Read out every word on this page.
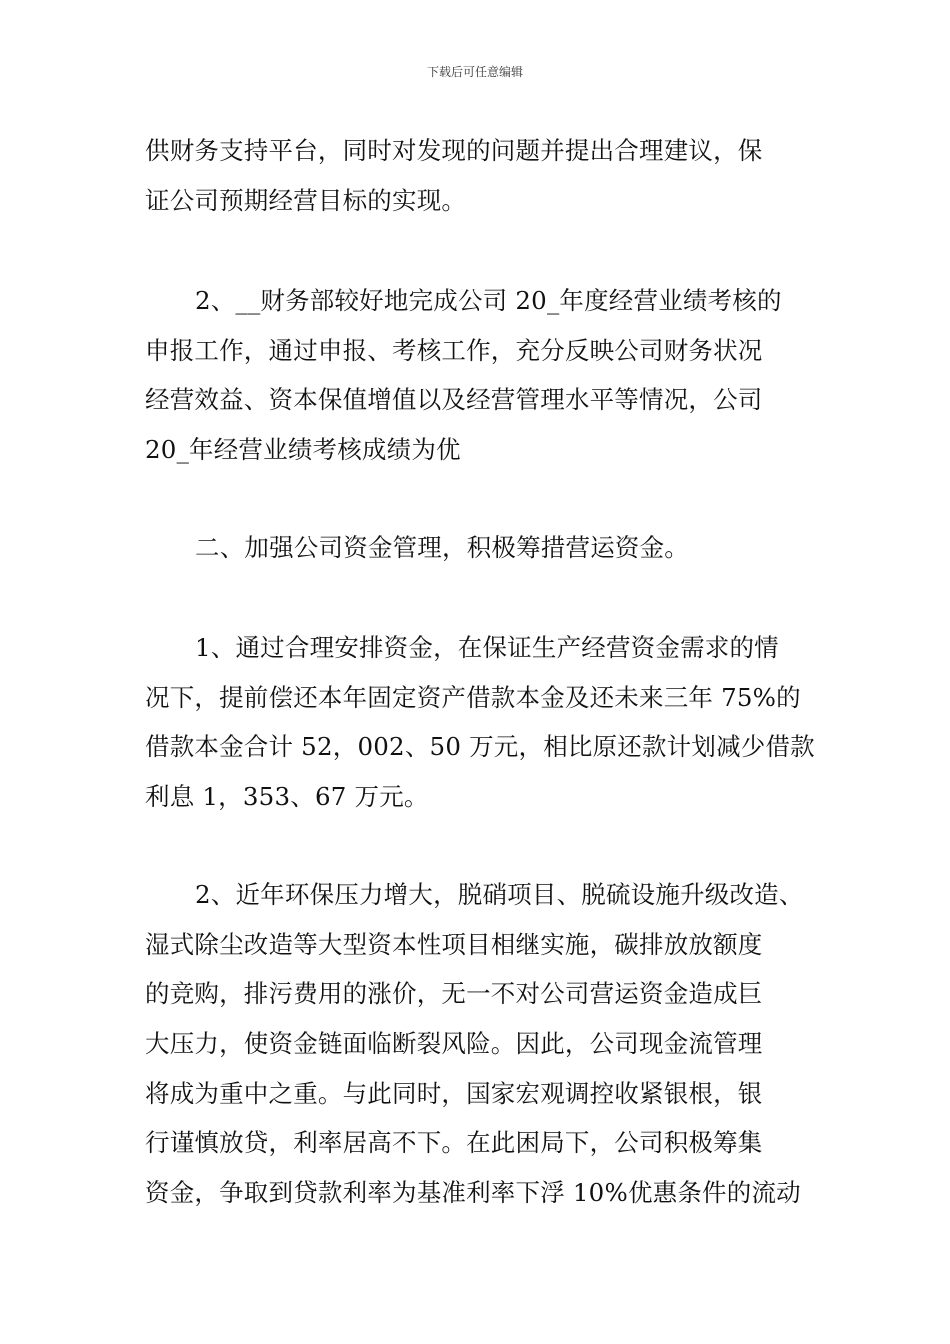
下载后可任意编辑
供财务支持平台，同时对发现的问题并提出合理建议，保
证公司预期经营目标的实现。
2、__财务部较好地完成公司 20_年度经营业绩考核的
申报工作，通过申报、考核工作，充分反映公司财务状况
经营效益、资本保值增值以及经营管理水平等情况，公司
20_年经营业绩考核成绩为优
二、加强公司资金管理，积极筹措营运资金。
1、通过合理安排资金，在保证生产经营资金需求的情
况下，提前偿还本年固定资产借款本金及还未来三年 75%的
借款本金合计 52，002、50 万元，相比原还款计划减少借款
利息 1，353、67 万元。
2、近年环保压力增大，脱硝项目、脱硫设施升级改造、
湿式除尘改造等大型资本性项目相继实施，碳排放放额度
的竞购，排污费用的涨价，无一不对公司营运资金造成巨
大压力，使资金链面临断裂风险。因此，公司现金流管理
将成为重中之重。与此同时，国家宏观调控收紧银根，银
行谨慎放贷，利率居高不下。在此困局下，公司积极筹集
资金，争取到贷款利率为基准利率下浮 10%优惠条件的流动
